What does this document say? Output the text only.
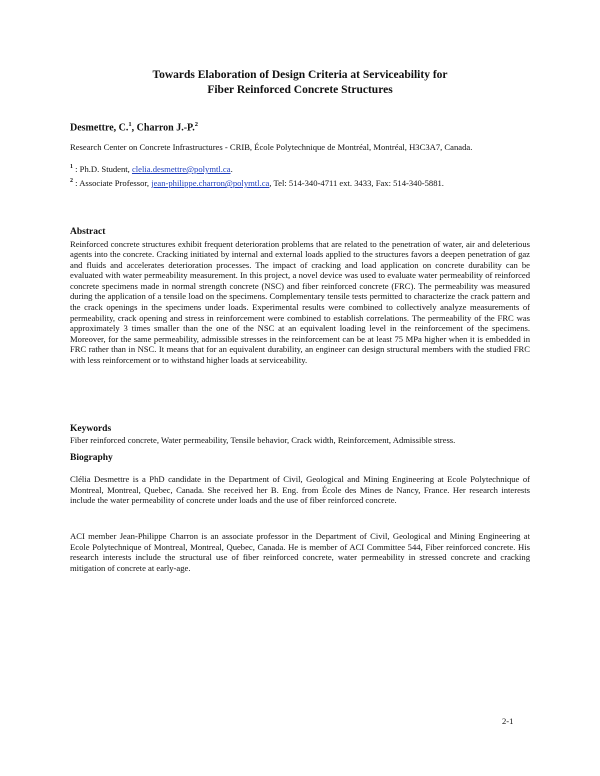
Towards Elaboration of Design Criteria at Serviceability for
Fiber Reinforced Concrete Structures
Desmettre, C.$^1$, Charron J.-P.$^2$
Research Center on Concrete Infrastructures - CRIB, École Polytechnique de Montréal, Montréal, H3C3A7, Canada.
$^1$ : Ph.D. Student, clelia.desmettre@polymtl.ca.
$^2$ : Associate Professor, jean-philippe.charron@polymtl.ca, Tel: 514-340-4711 ext. 3433, Fax: 514-340-5881.
Abstract
Reinforced concrete structures exhibit frequent deterioration problems that are related to the penetration of water, air and deleterious agents into the concrete. Cracking initiated by internal and external loads applied to the structures favors a deepen penetration of gaz and fluids and accelerates deterioration processes. The impact of cracking and load application on concrete durability can be evaluated with water permeability measurement. In this project, a novel device was used to evaluate water permeability of reinforced concrete specimens made in normal strength concrete (NSC) and fiber reinforced concrete (FRC). The permeability was measured during the application of a tensile load on the specimens. Complementary tensile tests permitted to characterize the crack pattern and the crack openings in the specimens under loads. Experimental results were combined to collectively analyze measurements of permeability, crack opening and stress in reinforcement were combined to establish correlations. The permeability of the FRC was approximately 3 times smaller than the one of the NSC at an equivalent loading level in the reinforcement of the specimens. Moreover, for the same permeability, admissible stresses in the reinforcement can be at least 75 MPa higher when it is embedded in FRC rather than in NSC. It means that for an equivalent durability, an engineer can design structural members with the studied FRC with less reinforcement or to withstand higher loads at serviceability.
Keywords
Fiber reinforced concrete, Water permeability, Tensile behavior, Crack width, Reinforcement, Admissible stress.
Biography
Clélia Desmettre is a PhD candidate in the Department of Civil, Geological and Mining Engineering at Ecole Polytechnique of Montreal, Montreal, Quebec, Canada. She received her B. Eng. from École des Mines de Nancy, France. Her research interests include the water permeability of concrete under loads and the use of fiber reinforced concrete.
ACI member Jean-Philippe Charron is an associate professor in the Department of Civil, Geological and Mining Engineering at Ecole Polytechnique of Montreal, Montreal, Quebec, Canada. He is member of ACI Committee 544, Fiber reinforced concrete. His research interests include the structural use of fiber reinforced concrete, water permeability in stressed concrete and cracking mitigation of concrete at early-age.
2-1
